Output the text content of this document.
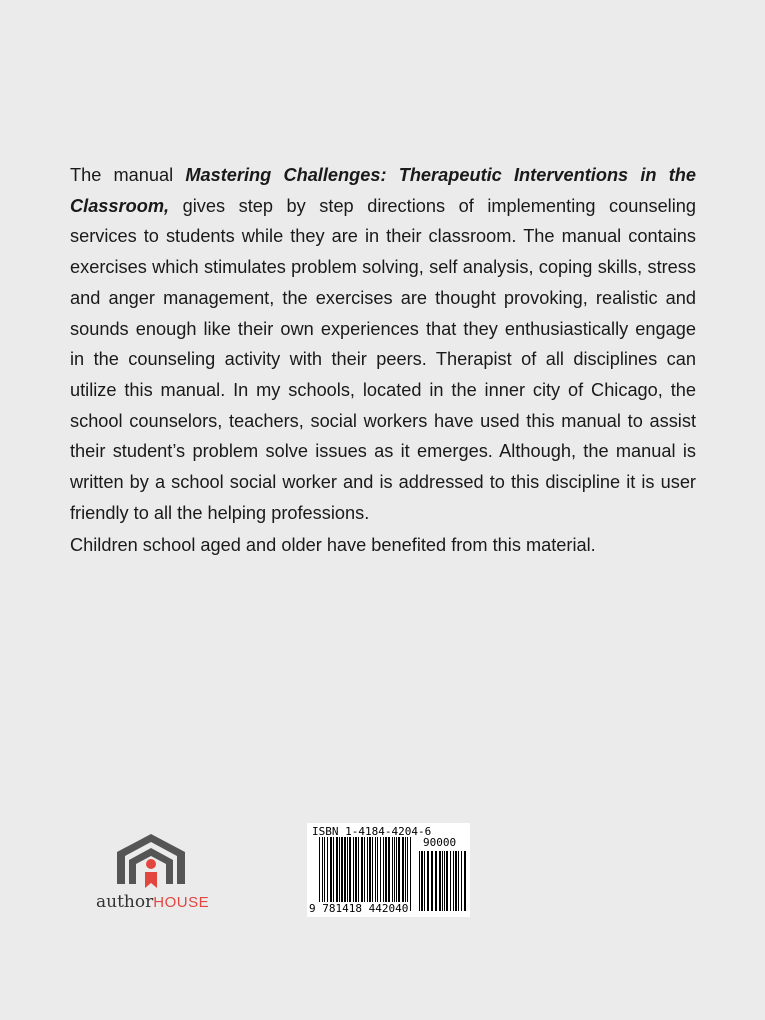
The manual Mastering Challenges: Therapeutic Interventions in the Classroom, gives step by step directions of implementing counseling services to students while they are in their classroom. The manual contains exercises which stimulates problem solving, self analysis, coping skills, stress and anger management, the exercises are thought provoking, realistic and sounds enough like their own experiences that they enthusiastically engage in the counseling activity with their peers. Therapist of all disciplines can utilize this manual. In my schools, located in the inner city of Chicago, the school counselors, teachers, social workers have used this manual to assist their student’s problem solve issues as it emerges. Although, the manual is written by a school social worker and is addressed to this discipline it is user friendly to all the helping professions.

Children school aged and older have benefited from this material.

authorHOUSE
ISBN 1-4184-4204-6
90000
9 781418 442040
